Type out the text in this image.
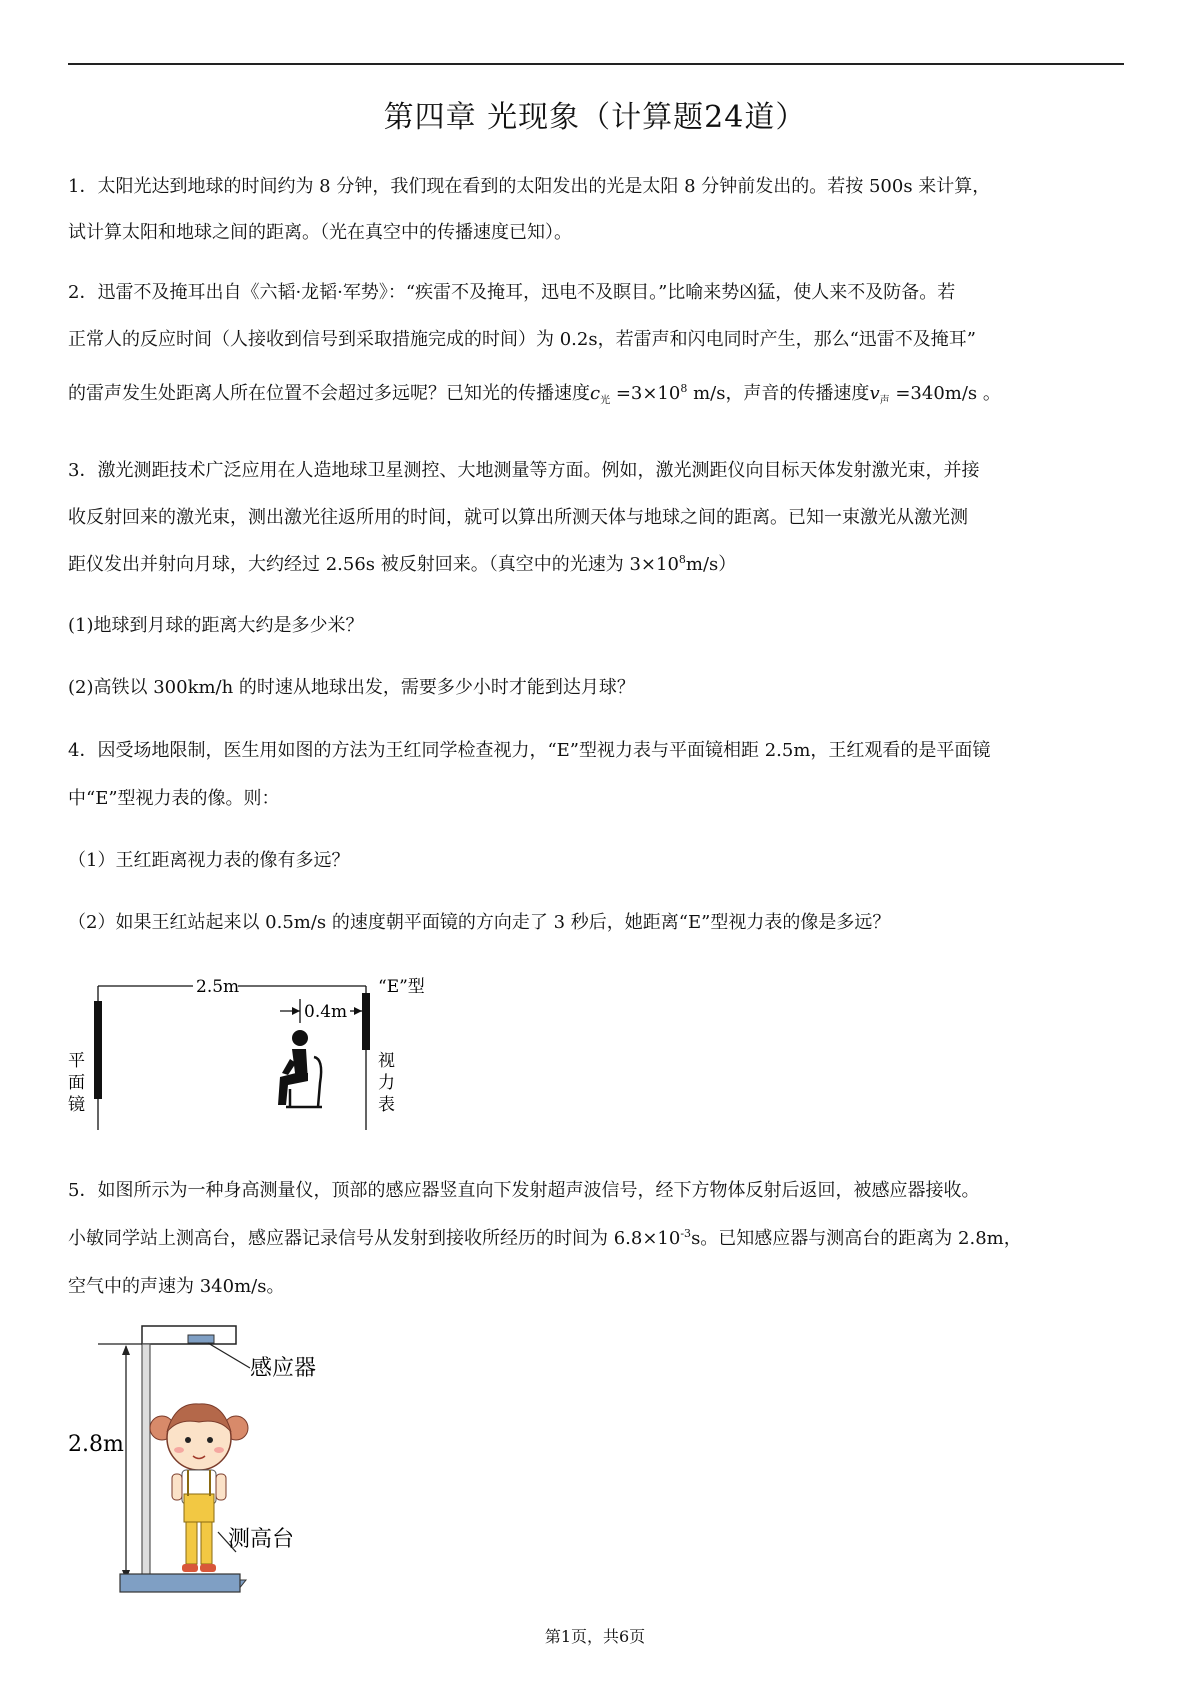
第四章 光现象（计算题24道）
1．太阳光达到地球的时间约为 8 分钟，我们现在看到的太阳发出的光是太阳 8 分钟前发出的。若按 500s 来计算，
试计算太阳和地球之间的距离。（光在真空中的传播速度已知）。
2．迅雷不及掩耳出自《六韬·龙韬·军势》：“疾雷不及掩耳，迅电不及瞑目。”比喻来势凶猛，使人来不及防备。若
正常人的反应时间（人接收到信号到采取措施完成的时间）为 0.2s，若雷声和闪电同时产生，那么“迅雷不及掩耳”
的雷声发生处距离人所在位置不会超过多远呢？已知光的传播速度$c_光 =3\times 10^8$ m/s，声音的传播速度$v_声 =340m/s$ 。
3．激光测距技术广泛应用在人造地球卫星测控、大地测量等方面。例如，激光测距仪向目标天体发射激光束，并接
收反射回来的激光束，测出激光往返所用的时间，就可以算出所测天体与地球之间的距离。已知一束激光从激光测
距仪发出并射向月球，大约经过 2.56s 被反射回来。（真空中的光速为 $3\times 10^8m/s$）
(1)地球到月球的距离大约是多少米？
(2)高铁以 300km/h 的时速从地球出发，需要多少小时才能到达月球？
4．因受场地限制，医生用如图的方法为王红同学检查视力，“E”型视力表与平面镜相距 2.5m，王红观看的是平面镜
中“E”型视力表的像。则：
（1）王红距离视力表的像有多远？
（2）如果王红站起来以 0.5m/s 的速度朝平面镜的方向走了 3 秒后，她距离“E”型视力表的像是多远？
2.5m	“E”型
0.4m
平
面
镜
视
力
表
5．如图所示为一种身高测量仪，顶部的感应器竖直向下发射超声波信号，经下方物体反射后返回，被感应器接收。
小敏同学站上测高台，感应器记录信号从发射到接收所经历的时间为 $6.8\times 10^{-3}s$。已知感应器与测高台的距离为 2.8m，
空气中的声速为 340m/s。
感应器
2.8m
测高台
第1页，共6页
